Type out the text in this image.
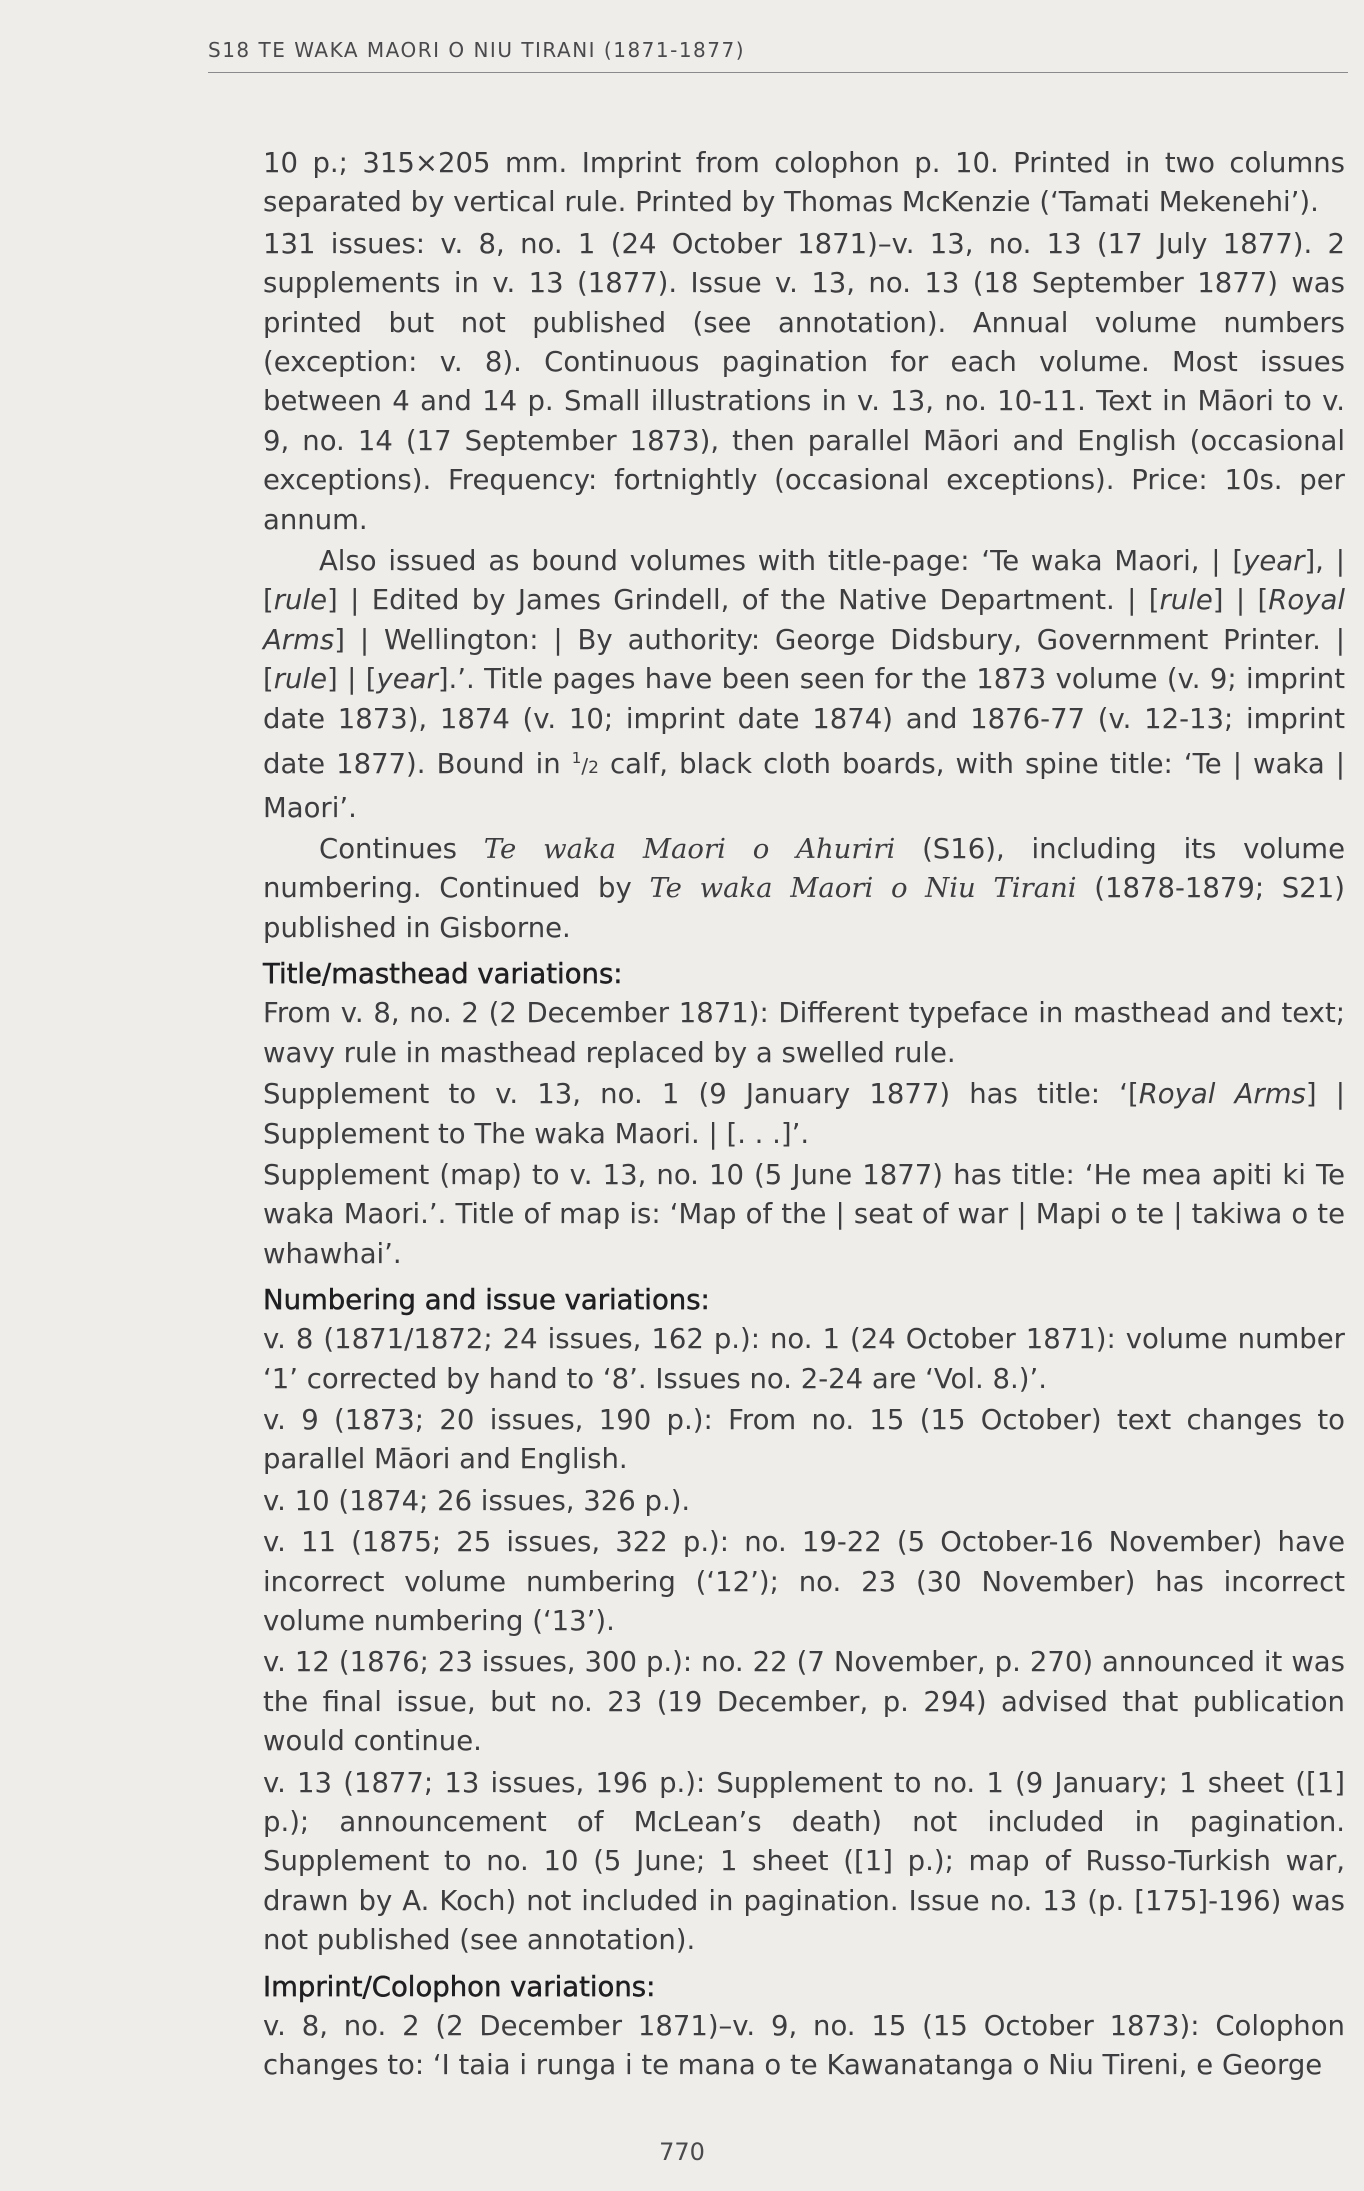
S18 TE WAKA MAORI O NIU TIRANI (1871-1877)

10 p.; 315×205 mm. Imprint from colophon p. 10. Printed in two columns separated by vertical rule. Printed by Thomas McKenzie (‘Tamati Mekenehi’).

131 issues: v. 8, no. 1 (24 October 1871)–v. 13, no. 13 (17 July 1877). 2 supplements in v. 13 (1877). Issue v. 13, no. 13 (18 September 1877) was printed but not published (see annotation). Annual volume numbers (exception: v. 8). Continuous pagination for each volume. Most issues between 4 and 14 p. Small illustrations in v. 13, no. 10-11. Text in Māori to v. 9, no. 14 (17 September 1873), then parallel Māori and English (occasional exceptions). Frequency: fortnightly (occasional exceptions). Price: 10s. per annum.

Also issued as bound volumes with title-page: ‘Te waka Maori, | [year], | [rule] | Edited by James Grindell, of the Native Department. | [rule] | [Royal Arms] | Wellington: | By authority: George Didsbury, Government Printer. | [rule] | [year].’. Title pages have been seen for the 1873 volume (v. 9; imprint date 1873), 1874 (v. 10; imprint date 1874) and 1876-77 (v. 12-13; imprint date 1877). Bound in $^1$/2 calf, black cloth boards, with spine title: ‘Te | waka | Maori’.

Continues Te waka Maori o Ahuriri (S16), including its volume numbering. Continued by Te waka Maori o Niu Tirani (1878-1879; S21) published in Gisborne.

Title/masthead variations:

From v. 8, no. 2 (2 December 1871): Different typeface in masthead and text; wavy rule in masthead replaced by a swelled rule.

Supplement to v. 13, no. 1 (9 January 1877) has title: ‘[Royal Arms] | Supplement to The waka Maori. | [. . .]’.

Supplement (map) to v. 13, no. 10 (5 June 1877) has title: ‘He mea apiti ki Te waka Maori.’. Title of map is: ‘Map of the | seat of war | Mapi o te | takiwa o te whawhai’.

Numbering and issue variations:

v. 8 (1871/1872; 24 issues, 162 p.): no. 1 (24 October 1871): volume number ‘1’ corrected by hand to ‘8’. Issues no. 2-24 are ‘Vol. 8.)’.

v. 9 (1873; 20 issues, 190 p.): From no. 15 (15 October) text changes to parallel Māori and English.

v. 10 (1874; 26 issues, 326 p.).

v. 11 (1875; 25 issues, 322 p.): no. 19-22 (5 October-16 November) have incorrect volume numbering (‘12’); no. 23 (30 November) has incorrect volume numbering (‘13’).

v. 12 (1876; 23 issues, 300 p.): no. 22 (7 November, p. 270) announced it was the final issue, but no. 23 (19 December, p. 294) advised that publication would continue.

v. 13 (1877; 13 issues, 196 p.): Supplement to no. 1 (9 January; 1 sheet ([1] p.); announcement of McLean’s death) not included in pagination. Supplement to no. 10 (5 June; 1 sheet ([1] p.); map of Russo-Turkish war, drawn by A. Koch) not included in pagination. Issue no. 13 (p. [175]-196) was not published (see annotation).

Imprint/Colophon variations:

v. 8, no. 2 (2 December 1871)–v. 9, no. 15 (15 October 1873): Colophon changes to: ‘I taia i runga i te mana o te Kawanatanga o Niu Tireni, e George

770
